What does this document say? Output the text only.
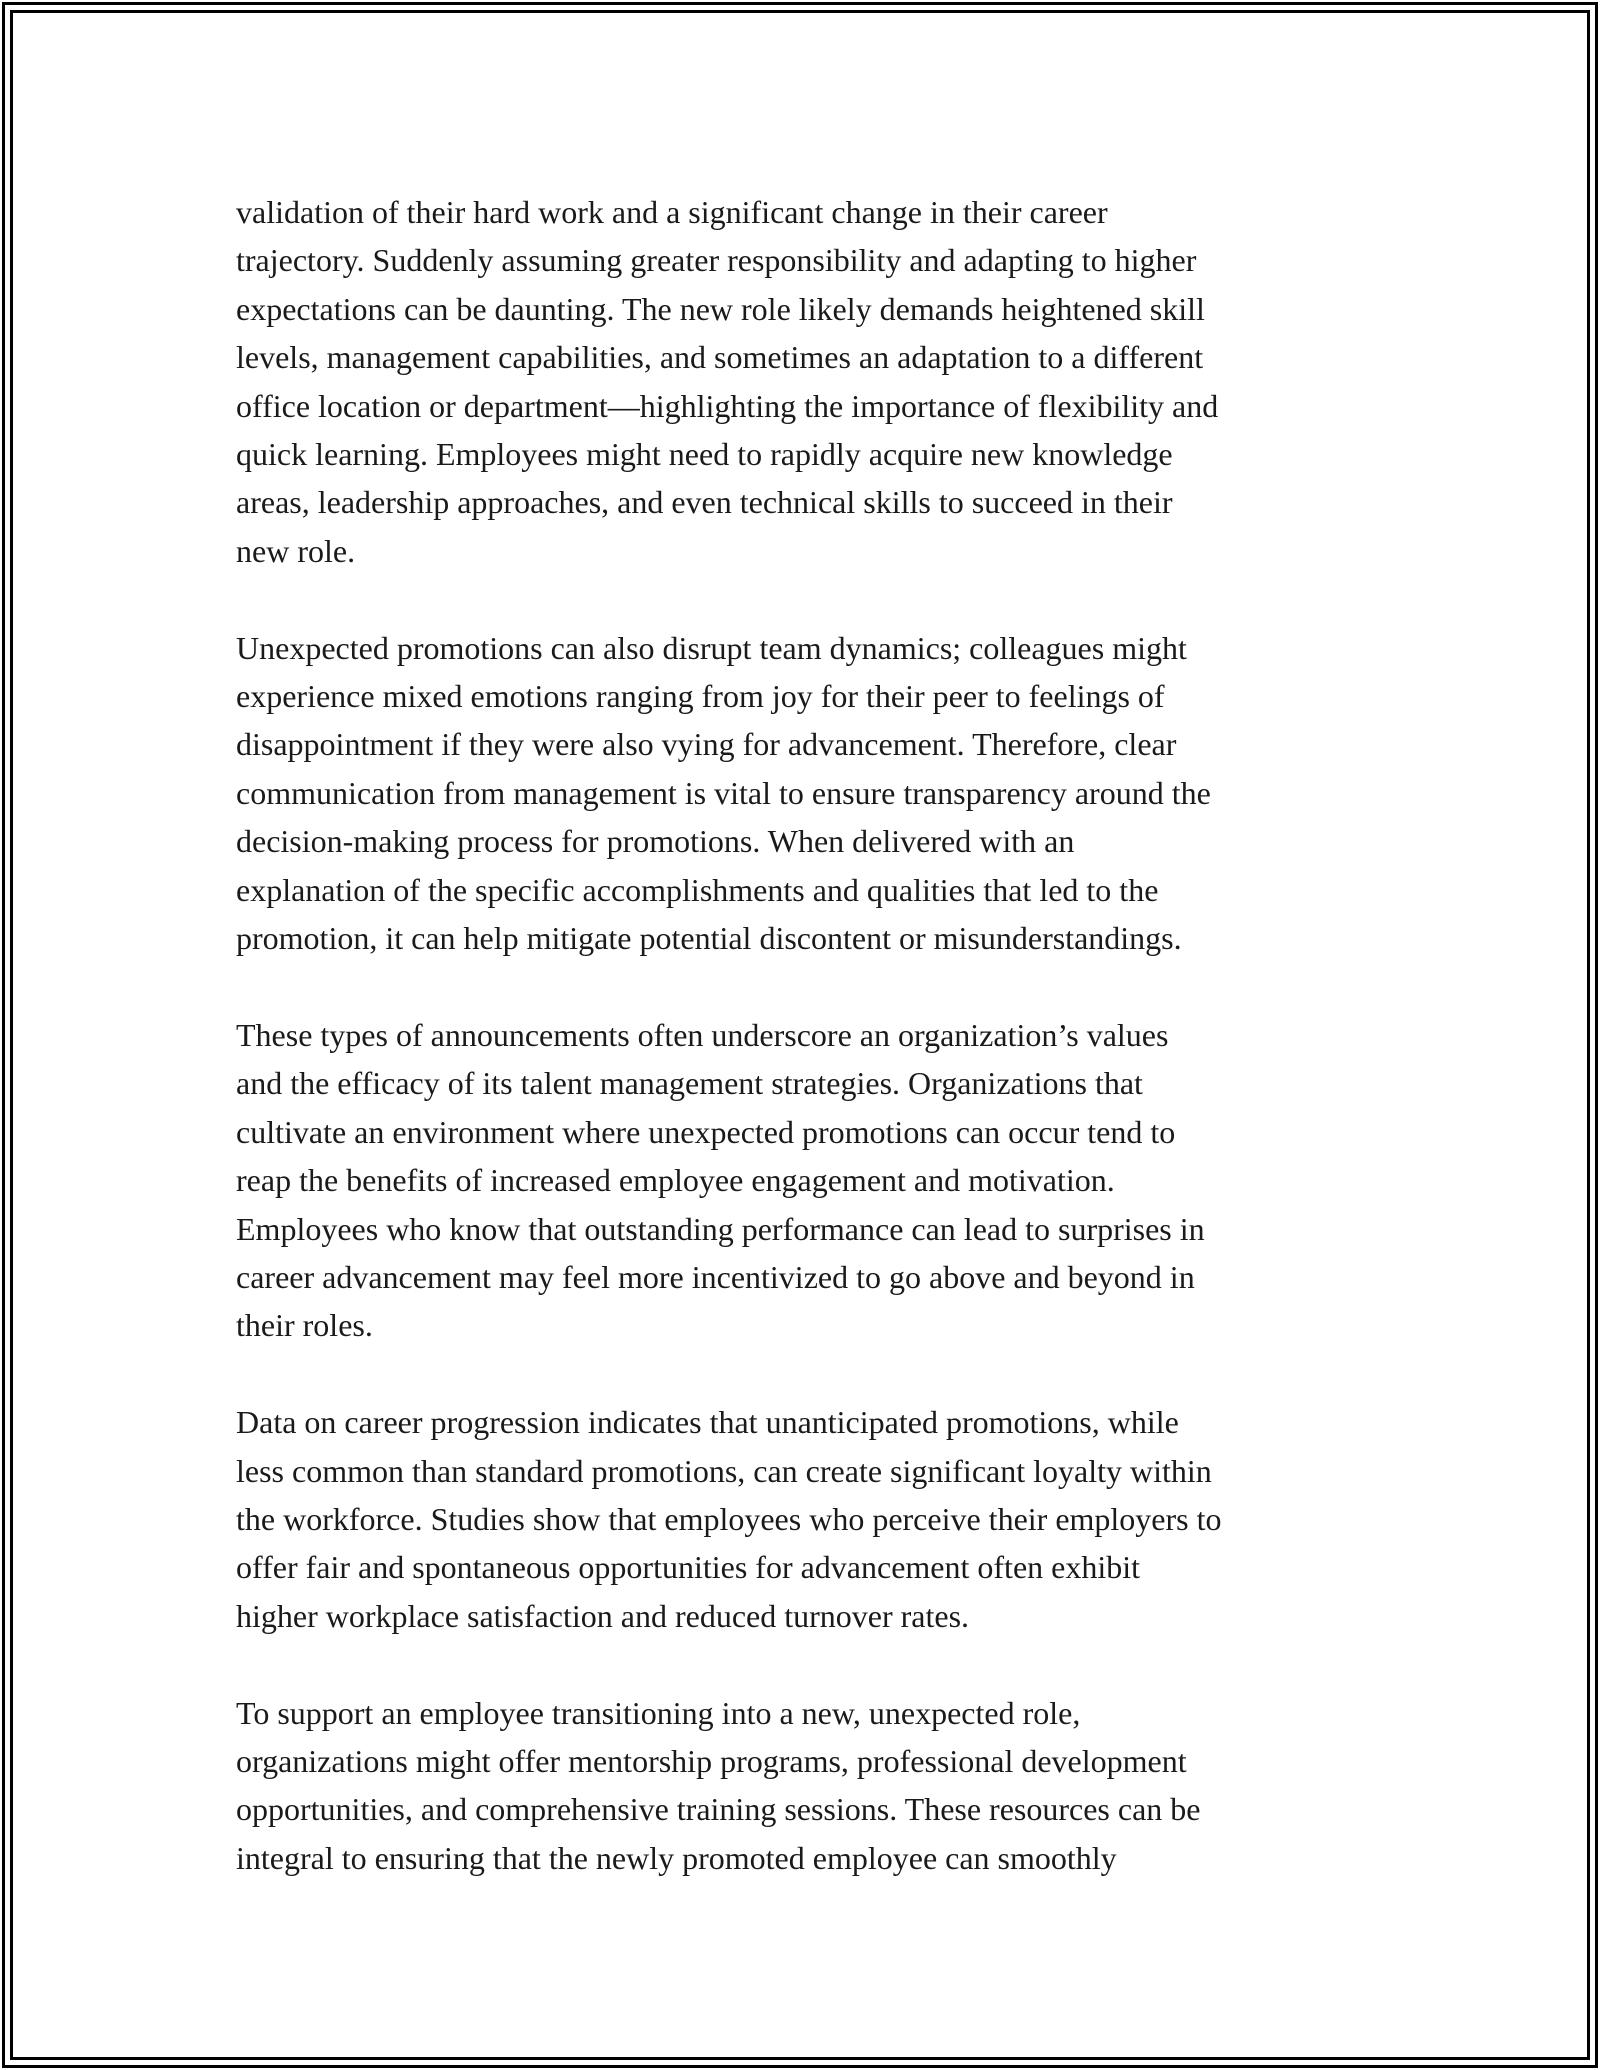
validation of their hard work and a significant change in their career
trajectory. Suddenly assuming greater responsibility and adapting to higher
expectations can be daunting. The new role likely demands heightened skill
levels, management capabilities, and sometimes an adaptation to a different
office location or department—highlighting the importance of flexibility and
quick learning. Employees might need to rapidly acquire new knowledge
areas, leadership approaches, and even technical skills to succeed in their
new role.
Unexpected promotions can also disrupt team dynamics; colleagues might
experience mixed emotions ranging from joy for their peer to feelings of
disappointment if they were also vying for advancement. Therefore, clear
communication from management is vital to ensure transparency around the
decision-making process for promotions. When delivered with an
explanation of the specific accomplishments and qualities that led to the
promotion, it can help mitigate potential discontent or misunderstandings.
These types of announcements often underscore an organization’s values
and the efficacy of its talent management strategies. Organizations that
cultivate an environment where unexpected promotions can occur tend to
reap the benefits of increased employee engagement and motivation.
Employees who know that outstanding performance can lead to surprises in
career advancement may feel more incentivized to go above and beyond in
their roles.
Data on career progression indicates that unanticipated promotions, while
less common than standard promotions, can create significant loyalty within
the workforce. Studies show that employees who perceive their employers to
offer fair and spontaneous opportunities for advancement often exhibit
higher workplace satisfaction and reduced turnover rates.
To support an employee transitioning into a new, unexpected role,
organizations might offer mentorship programs, professional development
opportunities, and comprehensive training sessions. These resources can be
integral to ensuring that the newly promoted employee can smoothly
